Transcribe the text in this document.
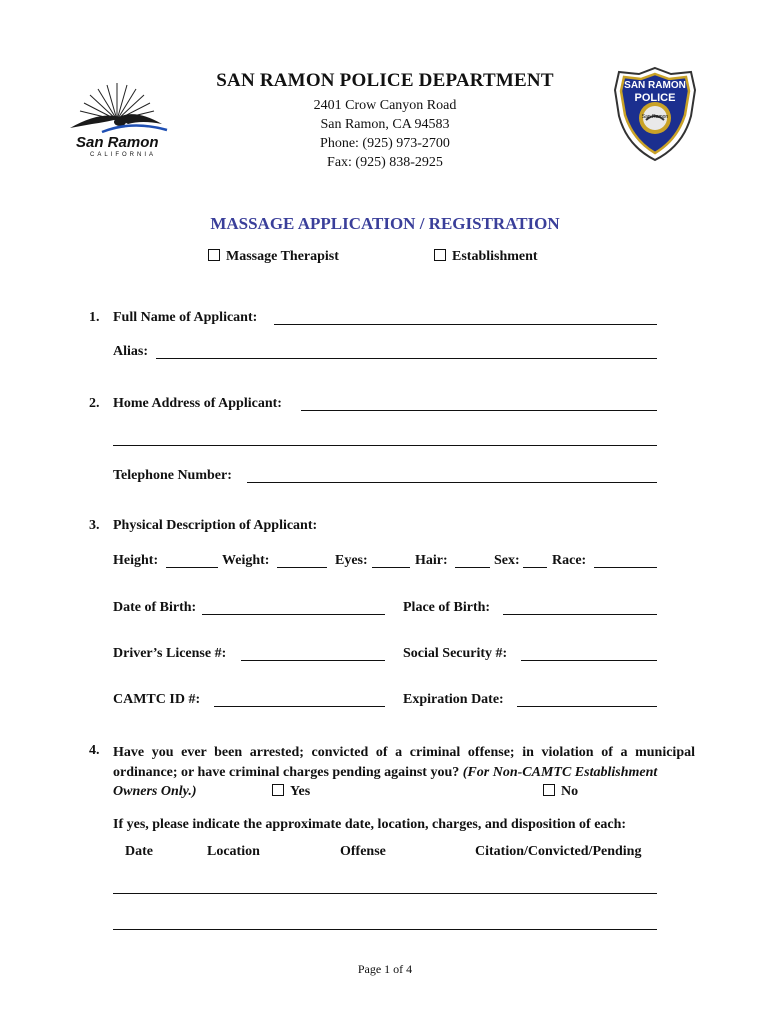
San Ramon
CALIFORNIA
SAN RAMON
POLICE
San Ramon
SAN RAMON POLICE DEPARTMENT
2401 Crow Canyon Road
San Ramon, CA 94583
Phone: (925) 973-2700
Fax: (925) 838-2925
MASSAGE APPLICATION / REGISTRATION
Massage Therapist	Establishment
1. Full Name of Applicant:
Alias:
2. Home Address of Applicant:
Telephone Number:
3. Physical Description of Applicant:
Height:	Weight:	Eyes:	Hair:	Sex: Race:
Date of Birth:	Place of Birth:
Driver’s License #:	Social Security #:
CAMTC ID #:	Expiration Date:
4. Have you ever been arrested; convicted of a criminal offense; in violation of a municipal
ordinance; or have criminal charges pending against you? (For Non-CAMTC Establishment
Owners Only.)	Yes	No
If yes, please indicate the approximate date, location, charges, and disposition of each:
Date	Location	Offense	Citation/Convicted/Pending
Page 1 of 4
